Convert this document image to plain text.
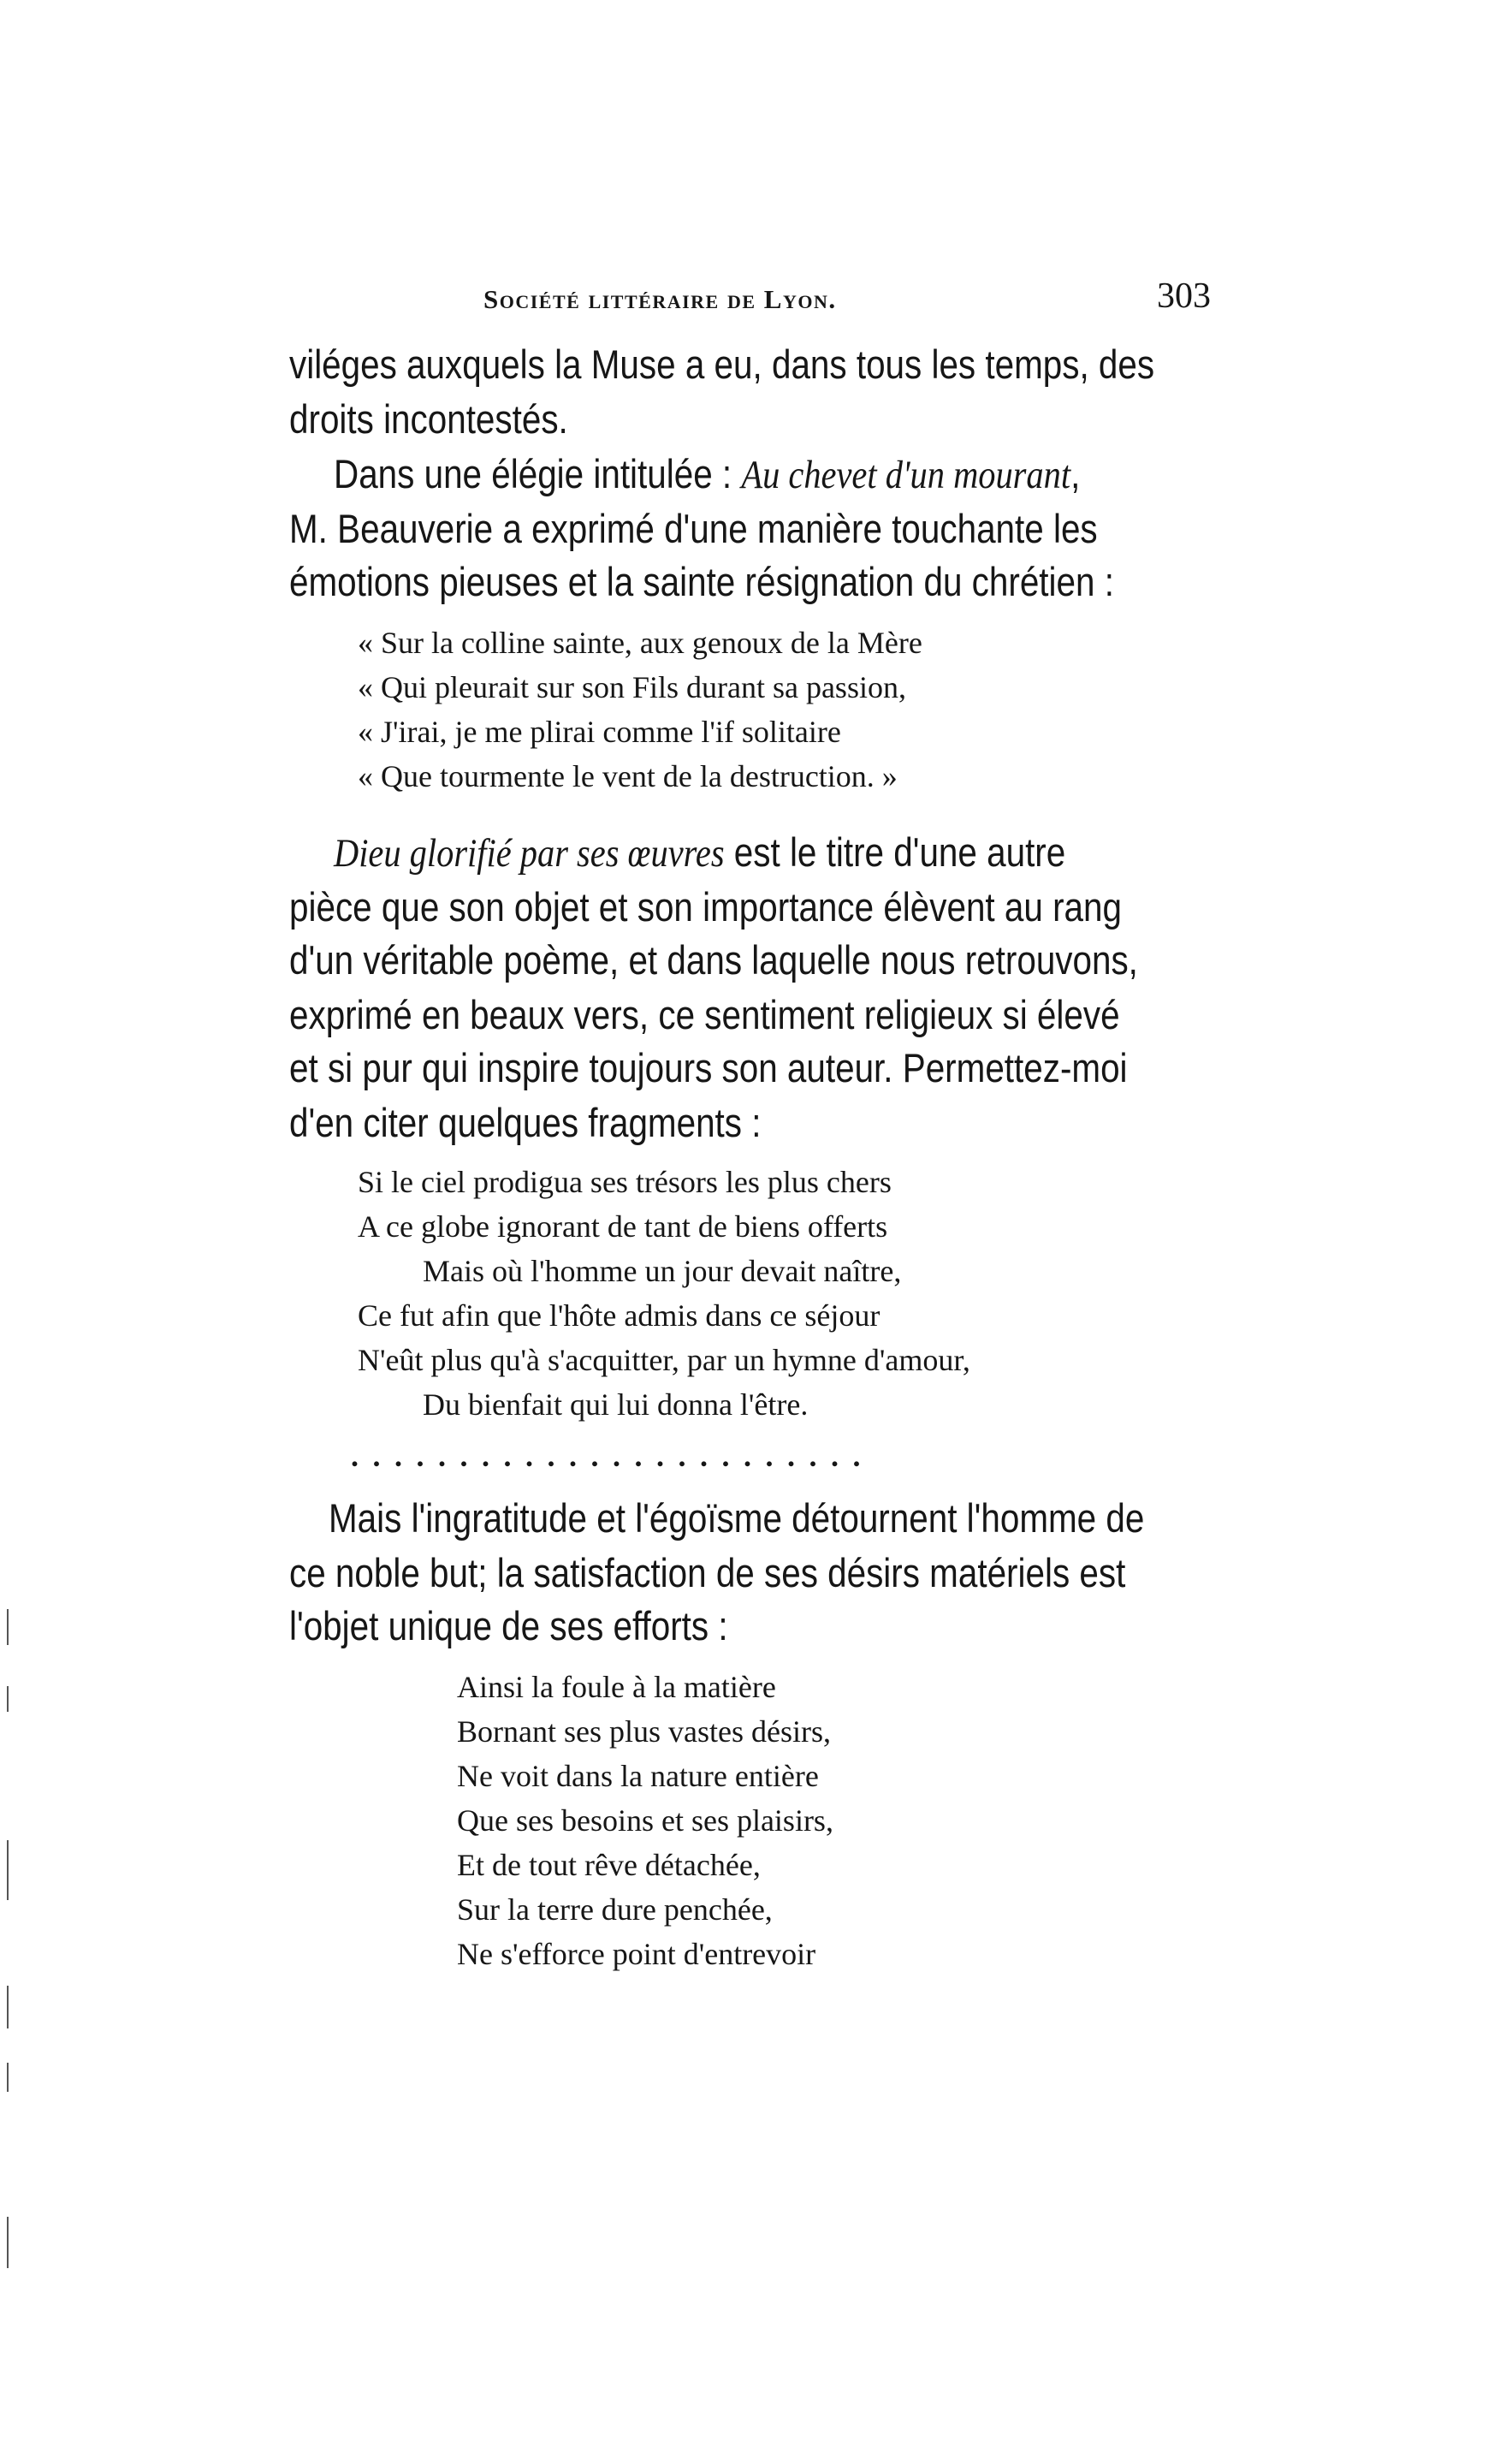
Société littéraire de Lyon.	303
viléges auxquels la Muse a eu, dans tous les temps, des
droits incontestés.
Dans une élégie intitulée : Au chevet d'un mourant,
M. Beauverie a exprimé d'une manière touchante les
émotions pieuses et la sainte résignation du chrétien :
« Sur la colline sainte, aux genoux de la Mère
« Qui pleurait sur son Fils durant sa passion,
« J'irai, je me plirai comme l'if solitaire
« Que tourmente le vent de la destruction. »
Dieu glorifié par ses œuvres est le titre d'une autre
pièce que son objet et son importance élèvent au rang
d'un véritable poème, et dans laquelle nous retrouvons,
exprimé en beaux vers, ce sentiment religieux si élevé
et si pur qui inspire toujours son auteur. Permettez-moi
d'en citer quelques fragments :
Si le ciel prodigua ses trésors les plus chers
A ce globe ignorant de tant de biens offerts
Mais où l'homme un jour devait naître,
Ce fut afin que l'hôte admis dans ce séjour
N'eût plus qu'à s'acquitter, par un hymne d'amour,
Du bienfait qui lui donna l'être.
........................
Mais l'ingratitude et l'égoïsme détournent l'homme de
ce noble but; la satisfaction de ses désirs matériels est
l'objet unique de ses efforts :
Ainsi la foule à la matière
Bornant ses plus vastes désirs,
Ne voit dans la nature entière
Que ses besoins et ses plaisirs,
Et de tout rêve détachée,
Sur la terre dure penchée,
Ne s'efforce point d'entrevoir
